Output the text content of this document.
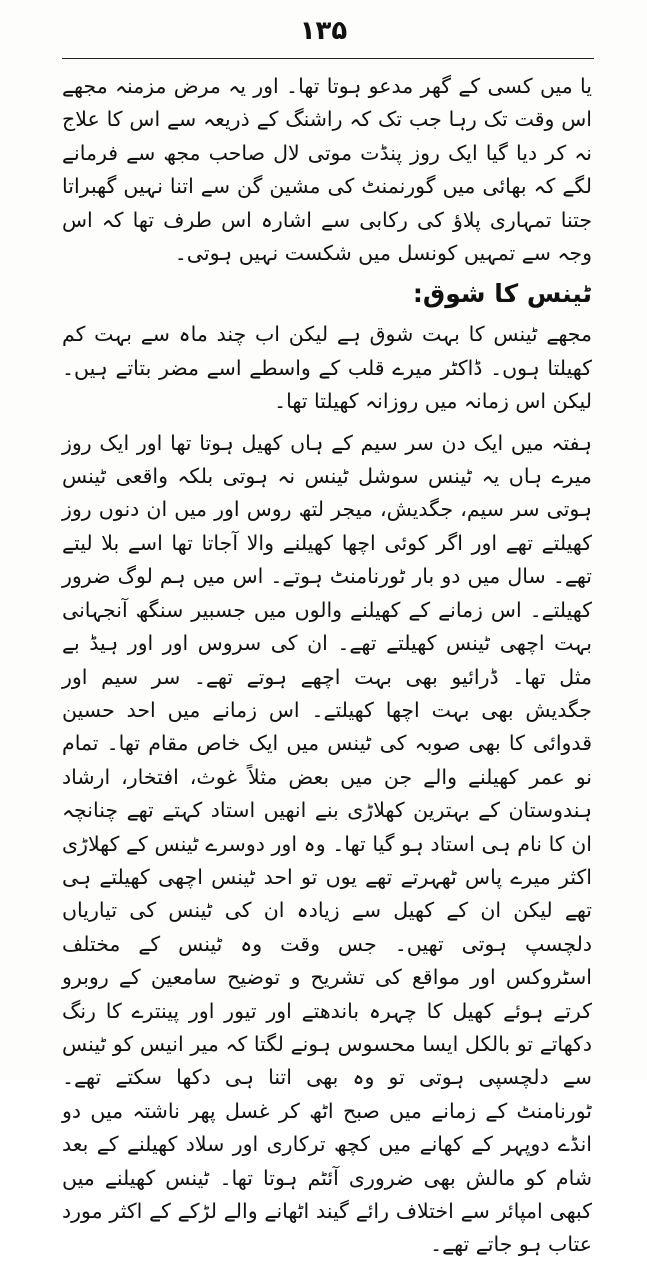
۱۳۵

یا میں کسی کے گھر مدعو ہوتا تھا۔ اور یہ مرض مزمنہ مجھے اس وقت تک رہا جب تک کہ راشنگ کے ذریعہ سے اس کا علاج نہ کر دیا گیا ایک روز پنڈت موتی لال صاحب مجھ سے فرمانے لگے کہ بھائی میں گورنمنٹ کی مشین گن سے اتنا نہیں گھبراتا جتنا تمہاری پلاؤ کی رکابی سے اشارہ اس طرف تھا کہ اس وجہ سے تمہیں کونسل میں شکست نہیں ہوتی۔

ٹینس کا شوق:

مجھے ٹینس کا بہت شوق ہے لیکن اب چند ماہ سے بہت کم کھیلتا ہوں۔ ڈاکٹر میرے قلب کے واسطے اسے مضر بتاتے ہیں۔ لیکن اس زمانہ میں روزانہ کھیلتا تھا۔

ہفتہ میں ایک دن سر سیم کے ہاں کھیل ہوتا تھا اور ایک روز میرے ہاں یہ ٹینس سوشل ٹینس نہ ہوتی بلکہ واقعی ٹینس ہوتی سر سیم، جگدیش، میجر لتھ روس اور میں ان دنوں روز کھیلتے تھے اور اگر کوئی اچھا کھیلنے والا آجاتا تھا اسے بلا لیتے تھے۔ سال میں دو بار ٹورنامنٹ ہوتے۔ اس میں ہم لوگ ضرور کھیلتے۔ اس زمانے کے کھیلنے والوں میں جسبیر سنگھ آنجہانی بہت اچھی ٹینس کھیلتے تھے۔ ان کی سروس اور اور ہیڈ بے مثل تھا۔ ڈرائیو بھی بہت اچھے ہوتے تھے۔ سر سیم اور جگدیش بھی بہت اچھا کھیلتے۔ اس زمانے میں احد حسین قدوائی کا بھی صوبہ کی ٹینس میں ایک خاص مقام تھا۔ تمام نو عمر کھیلنے والے جن میں بعض مثلاً غوث، افتخار، ارشاد ہندوستان کے بہترین کھلاڑی بنے انھیں استاد کہتے تھے چنانچہ ان کا نام ہی استاد ہو گیا تھا۔ وہ اور دوسرے ٹینس کے کھلاڑی اکثر میرے پاس ٹھہرتے تھے یوں تو احد ٹینس اچھی کھیلتے ہی تھے لیکن ان کے کھیل سے زیادہ ان کی ٹینس کی تیاریاں دلچسپ ہوتی تھیں۔ جس وقت وہ ٹینس کے مختلف اسٹروکس اور مواقع کی تشریح و توضیح سامعین کے روبرو کرتے ہوئے کھیل کا چہرہ باندھتے اور تیور اور پینترے کا رنگ دکھاتے تو بالکل ایسا محسوس ہونے لگتا کہ میر انیس کو ٹینس سے دلچسپی ہوتی تو وہ بھی اتنا ہی دکھا سکتے تھے۔ ٹورنامنٹ کے زمانے میں صبح اٹھ کر غسل پھر ناشتہ میں دو انڈے دوپہر کے کھانے میں کچھ ترکاری اور سلاد کھیلنے کے بعد شام کو مالش بھی ضروری آئٹم ہوتا تھا۔ ٹینس کھیلنے میں کبھی امپائر سے اختلاف رائے گیند اٹھانے والے لڑکے کے اکثر مورد عتاب ہو جاتے تھے۔
